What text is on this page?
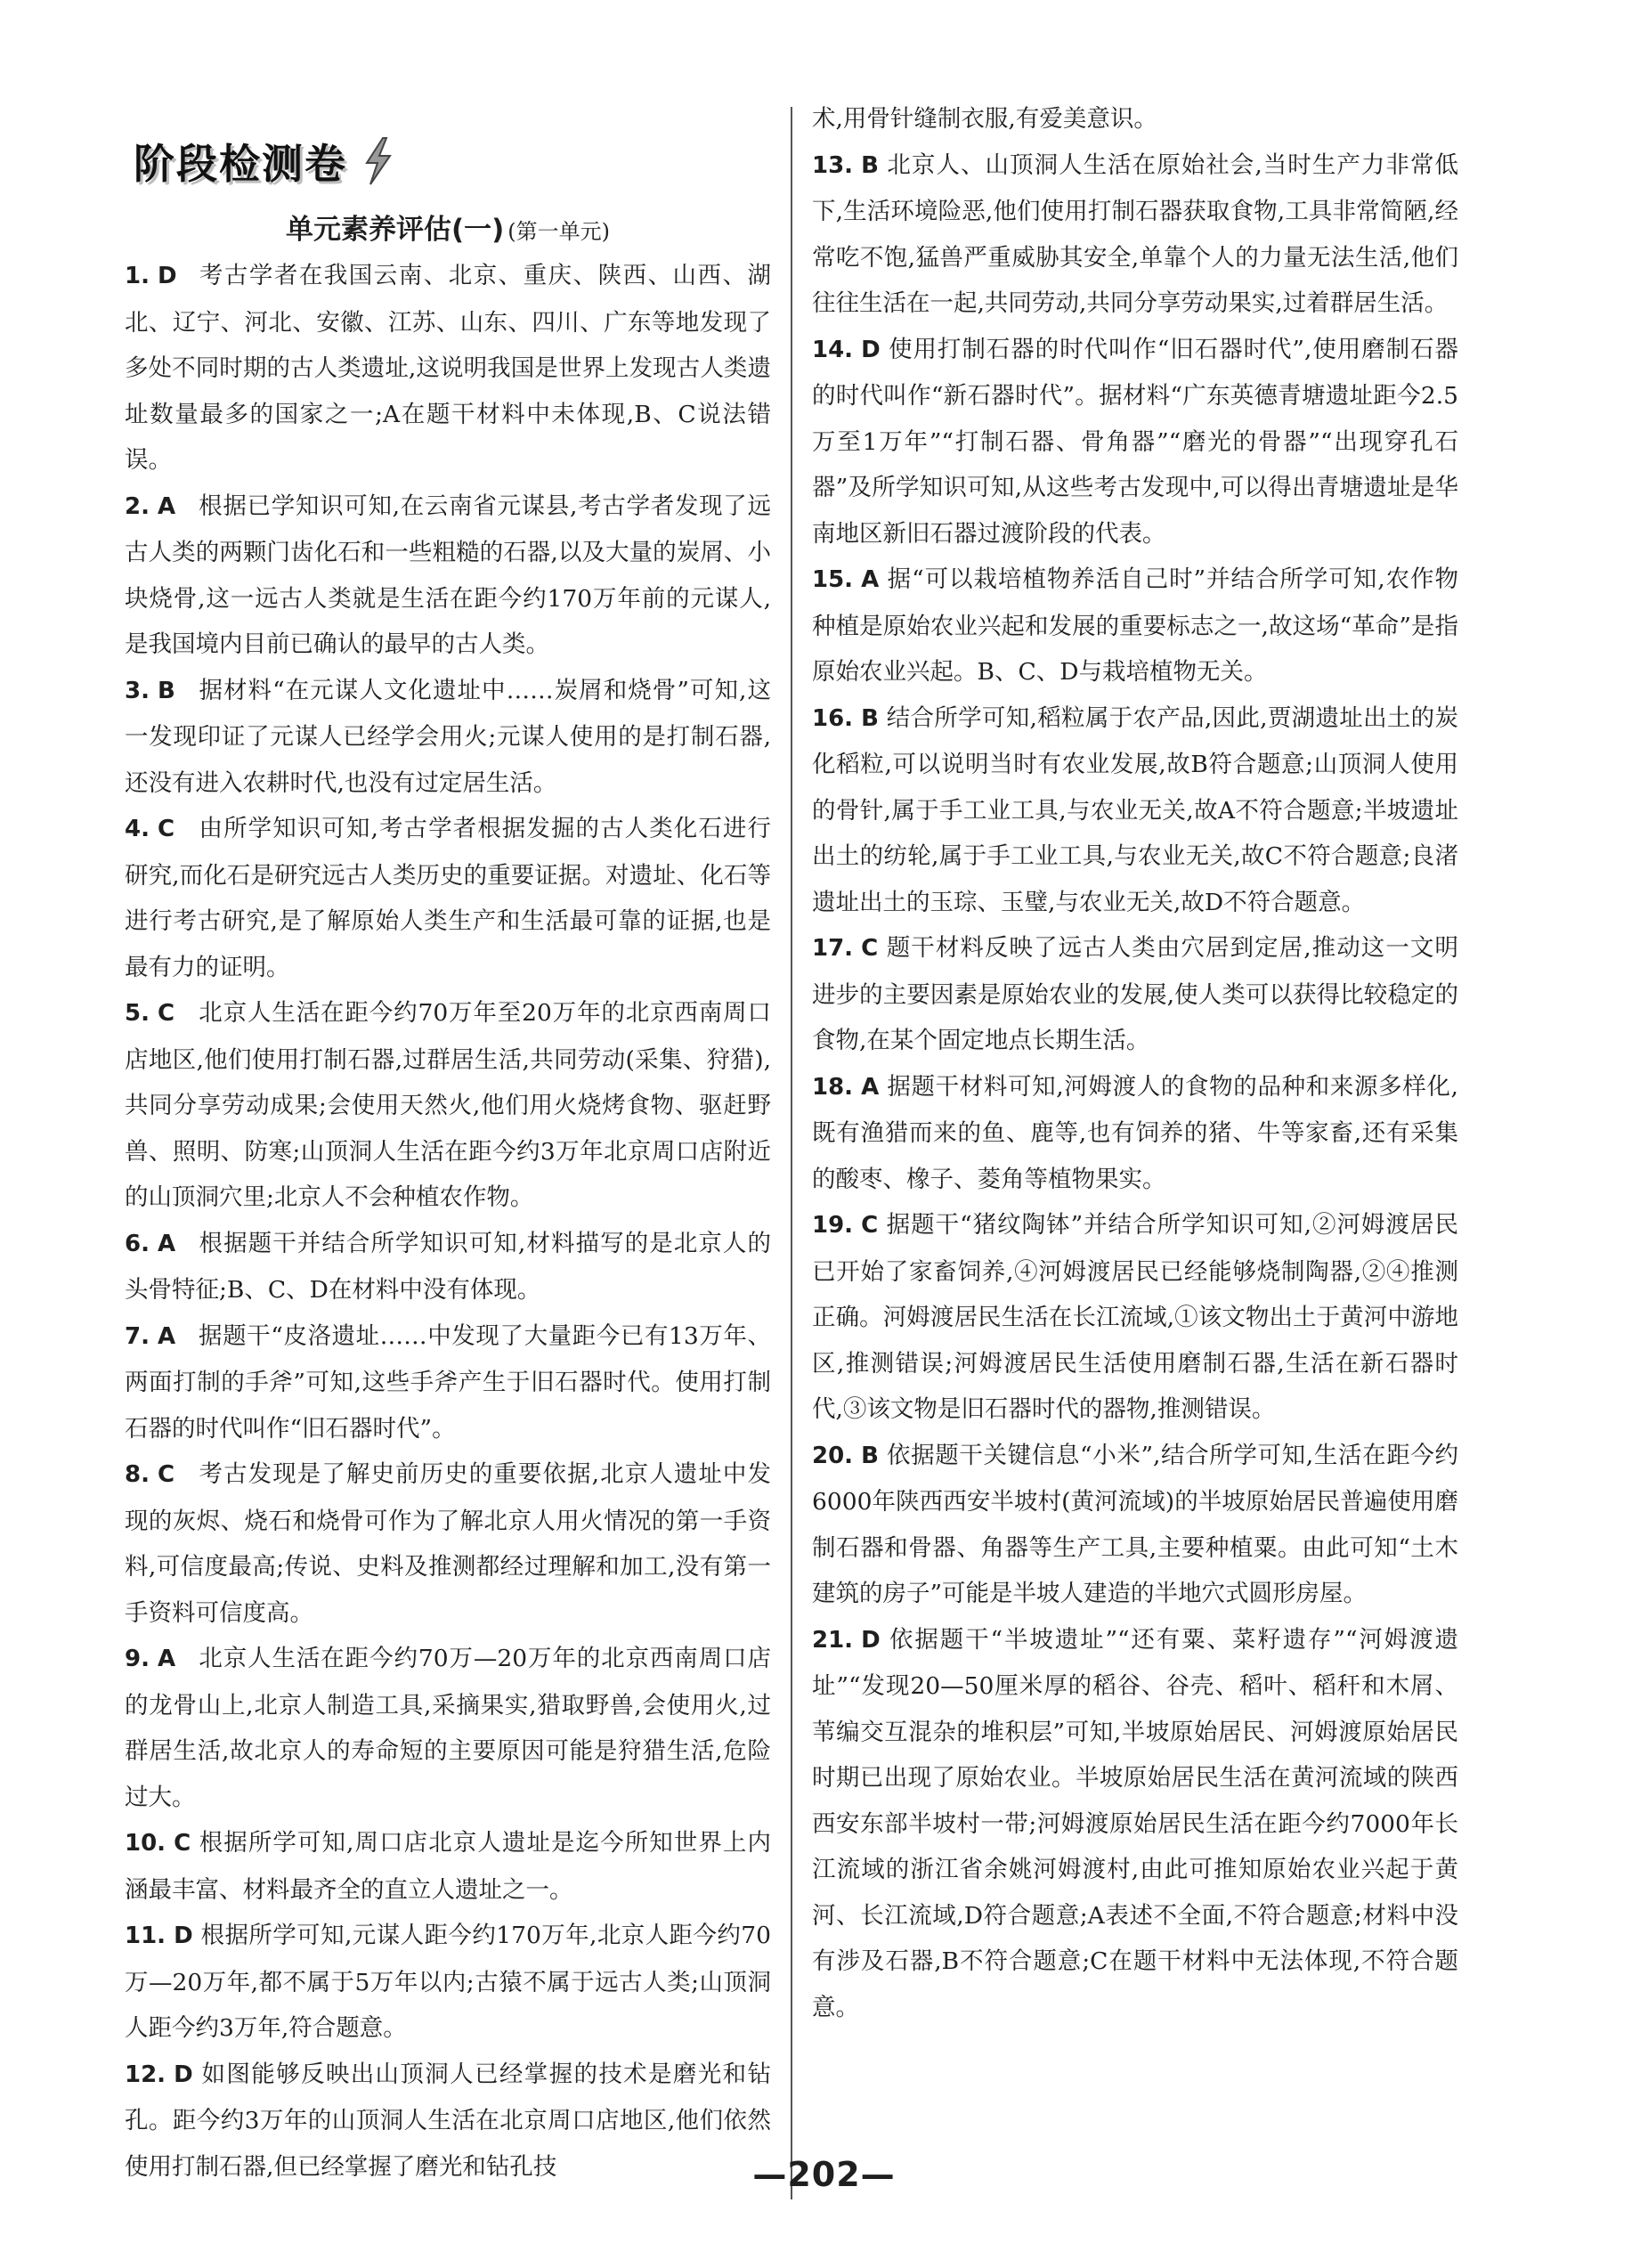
阶段检测卷
单元素养评估(一) (第一单元)

1. D 考古学者在我国云南、北京、重庆、陕西、山西、湖北、辽宁、河北、安徽、江苏、山东、四川、广东等地发现了多处不同时期的古人类遗址,这说明我国是世界上发现古人类遗址数量最多的国家之一;A在题干材料中未体现,B、C说法错误。

2. A 根据已学知识可知,在云南省元谋县,考古学者发现了远古人类的两颗门齿化石和一些粗糙的石器,以及大量的炭屑、小块烧骨,这一远古人类就是生活在距今约170万年前的元谋人,是我国境内目前已确认的最早的古人类。

3. B 据材料“在元谋人文化遗址中……炭屑和烧骨”可知,这一发现印证了元谋人已经学会用火;元谋人使用的是打制石器,还没有进入农耕时代,也没有过定居生活。

4. C 由所学知识可知,考古学者根据发掘的古人类化石进行研究,而化石是研究远古人类历史的重要证据。对遗址、化石等进行考古研究,是了解原始人类生产和生活最可靠的证据,也是最有力的证明。

5. C 北京人生活在距今约70万年至20万年的北京西南周口店地区,他们使用打制石器,过群居生活,共同劳动(采集、狩猎),共同分享劳动成果;会使用天然火,他们用火烧烤食物、驱赶野兽、照明、防寒;山顶洞人生活在距今约3万年北京周口店附近的山顶洞穴里;北京人不会种植农作物。

6. A 根据题干并结合所学知识可知,材料描写的是北京人的头骨特征;B、C、D在材料中没有体现。

7. A 据题干“皮洛遗址……中发现了大量距今已有13万年、两面打制的手斧”可知,这些手斧产生于旧石器时代。使用打制石器的时代叫作“旧石器时代”。

8. C 考古发现是了解史前历史的重要依据,北京人遗址中发现的灰烬、烧石和烧骨可作为了解北京人用火情况的第一手资料,可信度最高;传说、史料及推测都经过理解和加工,没有第一手资料可信度高。

9. A 北京人生活在距今约70万—20万年的北京西南周口店的龙骨山上,北京人制造工具,采摘果实,猎取野兽,会使用火,过群居生活,故北京人的寿命短的主要原因可能是狩猎生活,危险过大。

10. C 根据所学可知,周口店北京人遗址是迄今所知世界上内涵最丰富、材料最齐全的直立人遗址之一。

11. D 根据所学可知,元谋人距今约170万年,北京人距今约70万—20万年,都不属于5万年以内;古猿不属于远古人类;山顶洞人距今约3万年,符合题意。

12. D 如图能够反映出山顶洞人已经掌握的技术是磨光和钻孔。距今约3万年的山顶洞人生活在北京周口店地区,他们依然使用打制石器,但已经掌握了磨光和钻孔技

术,用骨针缝制衣服,有爱美意识。

13. B 北京人、山顶洞人生活在原始社会,当时生产力非常低下,生活环境险恶,他们使用打制石器获取食物,工具非常简陋,经常吃不饱,猛兽严重威胁其安全,单靠个人的力量无法生活,他们往往生活在一起,共同劳动,共同分享劳动果实,过着群居生活。

14. D 使用打制石器的时代叫作“旧石器时代”,使用磨制石器的时代叫作“新石器时代”。据材料“广东英德青塘遗址距今2.5万至1万年”“打制石器、骨角器”“磨光的骨器”“出现穿孔石器”及所学知识可知,从这些考古发现中,可以得出青塘遗址是华南地区新旧石器过渡阶段的代表。

15. A 据“可以栽培植物养活自己时”并结合所学可知,农作物种植是原始农业兴起和发展的重要标志之一,故这场“革命”是指原始农业兴起。B、C、D与栽培植物无关。

16. B 结合所学可知,稻粒属于农产品,因此,贾湖遗址出土的炭化稻粒,可以说明当时有农业发展,故B符合题意;山顶洞人使用的骨针,属于手工业工具,与农业无关,故A不符合题意;半坡遗址出土的纺轮,属于手工业工具,与农业无关,故C不符合题意;良渚遗址出土的玉琮、玉璧,与农业无关,故D不符合题意。

17. C 题干材料反映了远古人类由穴居到定居,推动这一文明进步的主要因素是原始农业的发展,使人类可以获得比较稳定的食物,在某个固定地点长期生活。

18. A 据题干材料可知,河姆渡人的食物的品种和来源多样化,既有渔猎而来的鱼、鹿等,也有饲养的猪、牛等家畜,还有采集的酸枣、橡子、菱角等植物果实。

19. C 据题干“猪纹陶钵”并结合所学知识可知,②河姆渡居民已开始了家畜饲养,④河姆渡居民已经能够烧制陶器,②④推测正确。河姆渡居民生活在长江流域,①该文物出土于黄河中游地区,推测错误;河姆渡居民生活使用磨制石器,生活在新石器时代,③该文物是旧石器时代的器物,推测错误。

20. B 依据题干关键信息“小米”,结合所学可知,生活在距今约6000年陕西西安半坡村(黄河流域)的半坡原始居民普遍使用磨制石器和骨器、角器等生产工具,主要种植粟。由此可知“土木建筑的房子”可能是半坡人建造的半地穴式圆形房屋。

21. D 依据题干“半坡遗址”“还有粟、菜籽遗存”“河姆渡遗址”“发现20—50厘米厚的稻谷、谷壳、稻叶、稻秆和木屑、苇编交互混杂的堆积层”可知,半坡原始居民、河姆渡原始居民时期已出现了原始农业。半坡原始居民生活在黄河流域的陕西西安东部半坡村一带;河姆渡原始居民生活在距今约7000年长江流域的浙江省余姚河姆渡村,由此可推知原始农业兴起于黄河、长江流域,D符合题意;A表述不全面,不符合题意;材料中没有涉及石器,B不符合题意;C在题干材料中无法体现,不符合题意。

—202—
